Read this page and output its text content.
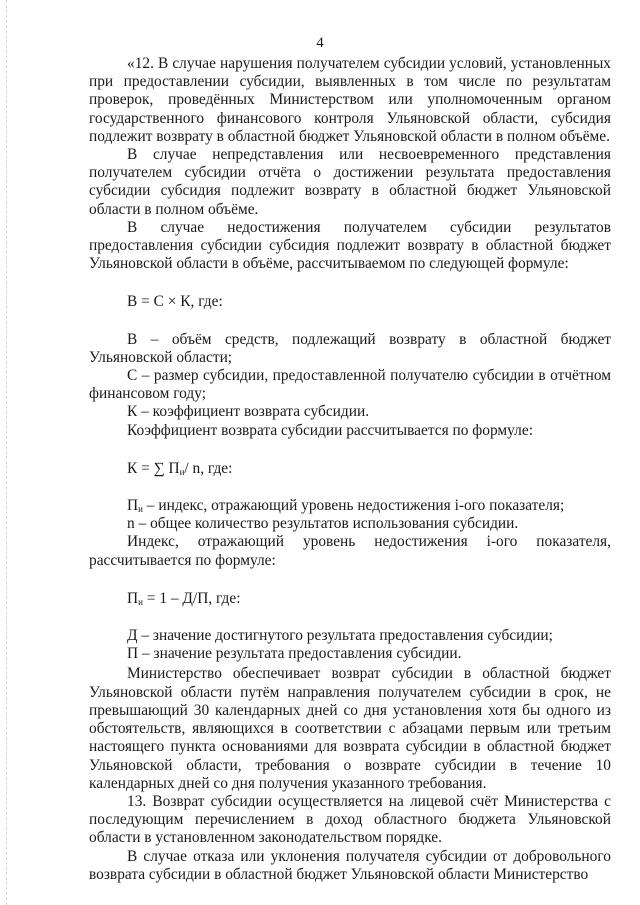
4

«12. В случае нарушения получателем субсидии условий, установленных при предоставлении субсидии, выявленных в том числе по результатам проверок, проведённых Министерством или уполномоченным органом государственного финансового контроля Ульяновской области, субсидия подлежит возврату в областной бюджет Ульяновской области в полном объёме.

В случае непредставления или несвоевременного представления получателем субсидии отчёта о достижении результата предоставления субсидии субсидия подлежит возврату в областной бюджет Ульяновской области в полном объёме.

В случае недостижения получателем субсидии результатов предоставления субсидии субсидия подлежит возврату в областной бюджет Ульяновской области в объёме, рассчитываемом по следующей формуле:

В = С × К, где:

В – объём средств, подлежащий возврату в областной бюджет Ульяновской области;

С – размер субсидии, предоставленной получателю субсидии в отчётном финансовом году;

К – коэффициент возврата субсидии.

Коэффициент возврата субсидии рассчитывается по формуле:

К = ∑ $П_и/$ n, где:

$П_и$ – индекс, отражающий уровень недостижения i-ого показателя;

n – общее количество результатов использования субсидии.

Индекс, отражающий уровень недостижения i-ого показателя, рассчитывается по формуле:

$П_и = 1 - Д/П$, где:

Д – значение достигнутого результата предоставления субсидии;

П – значение результата предоставления субсидии.

Министерство обеспечивает возврат субсидии в областной бюджет Ульяновской области путём направления получателем субсидии в срок, не превышающий 30 календарных дней со дня установления хотя бы одного из обстоятельств, являющихся в соответствии с абзацами первым или третьим настоящего пункта основаниями для возврата субсидии в областной бюджет Ульяновской области, требования о возврате субсидии в течение 10 календарных дней со дня получения указанного требования.

13. Возврат субсидии осуществляется на лицевой счёт Министерства с последующим перечислением в доход областного бюджета Ульяновской области в установленном законодательством порядке.

В случае отказа или уклонения получателя субсидии от добровольного возврата субсидии в областной бюджет Ульяновской области Министерство
